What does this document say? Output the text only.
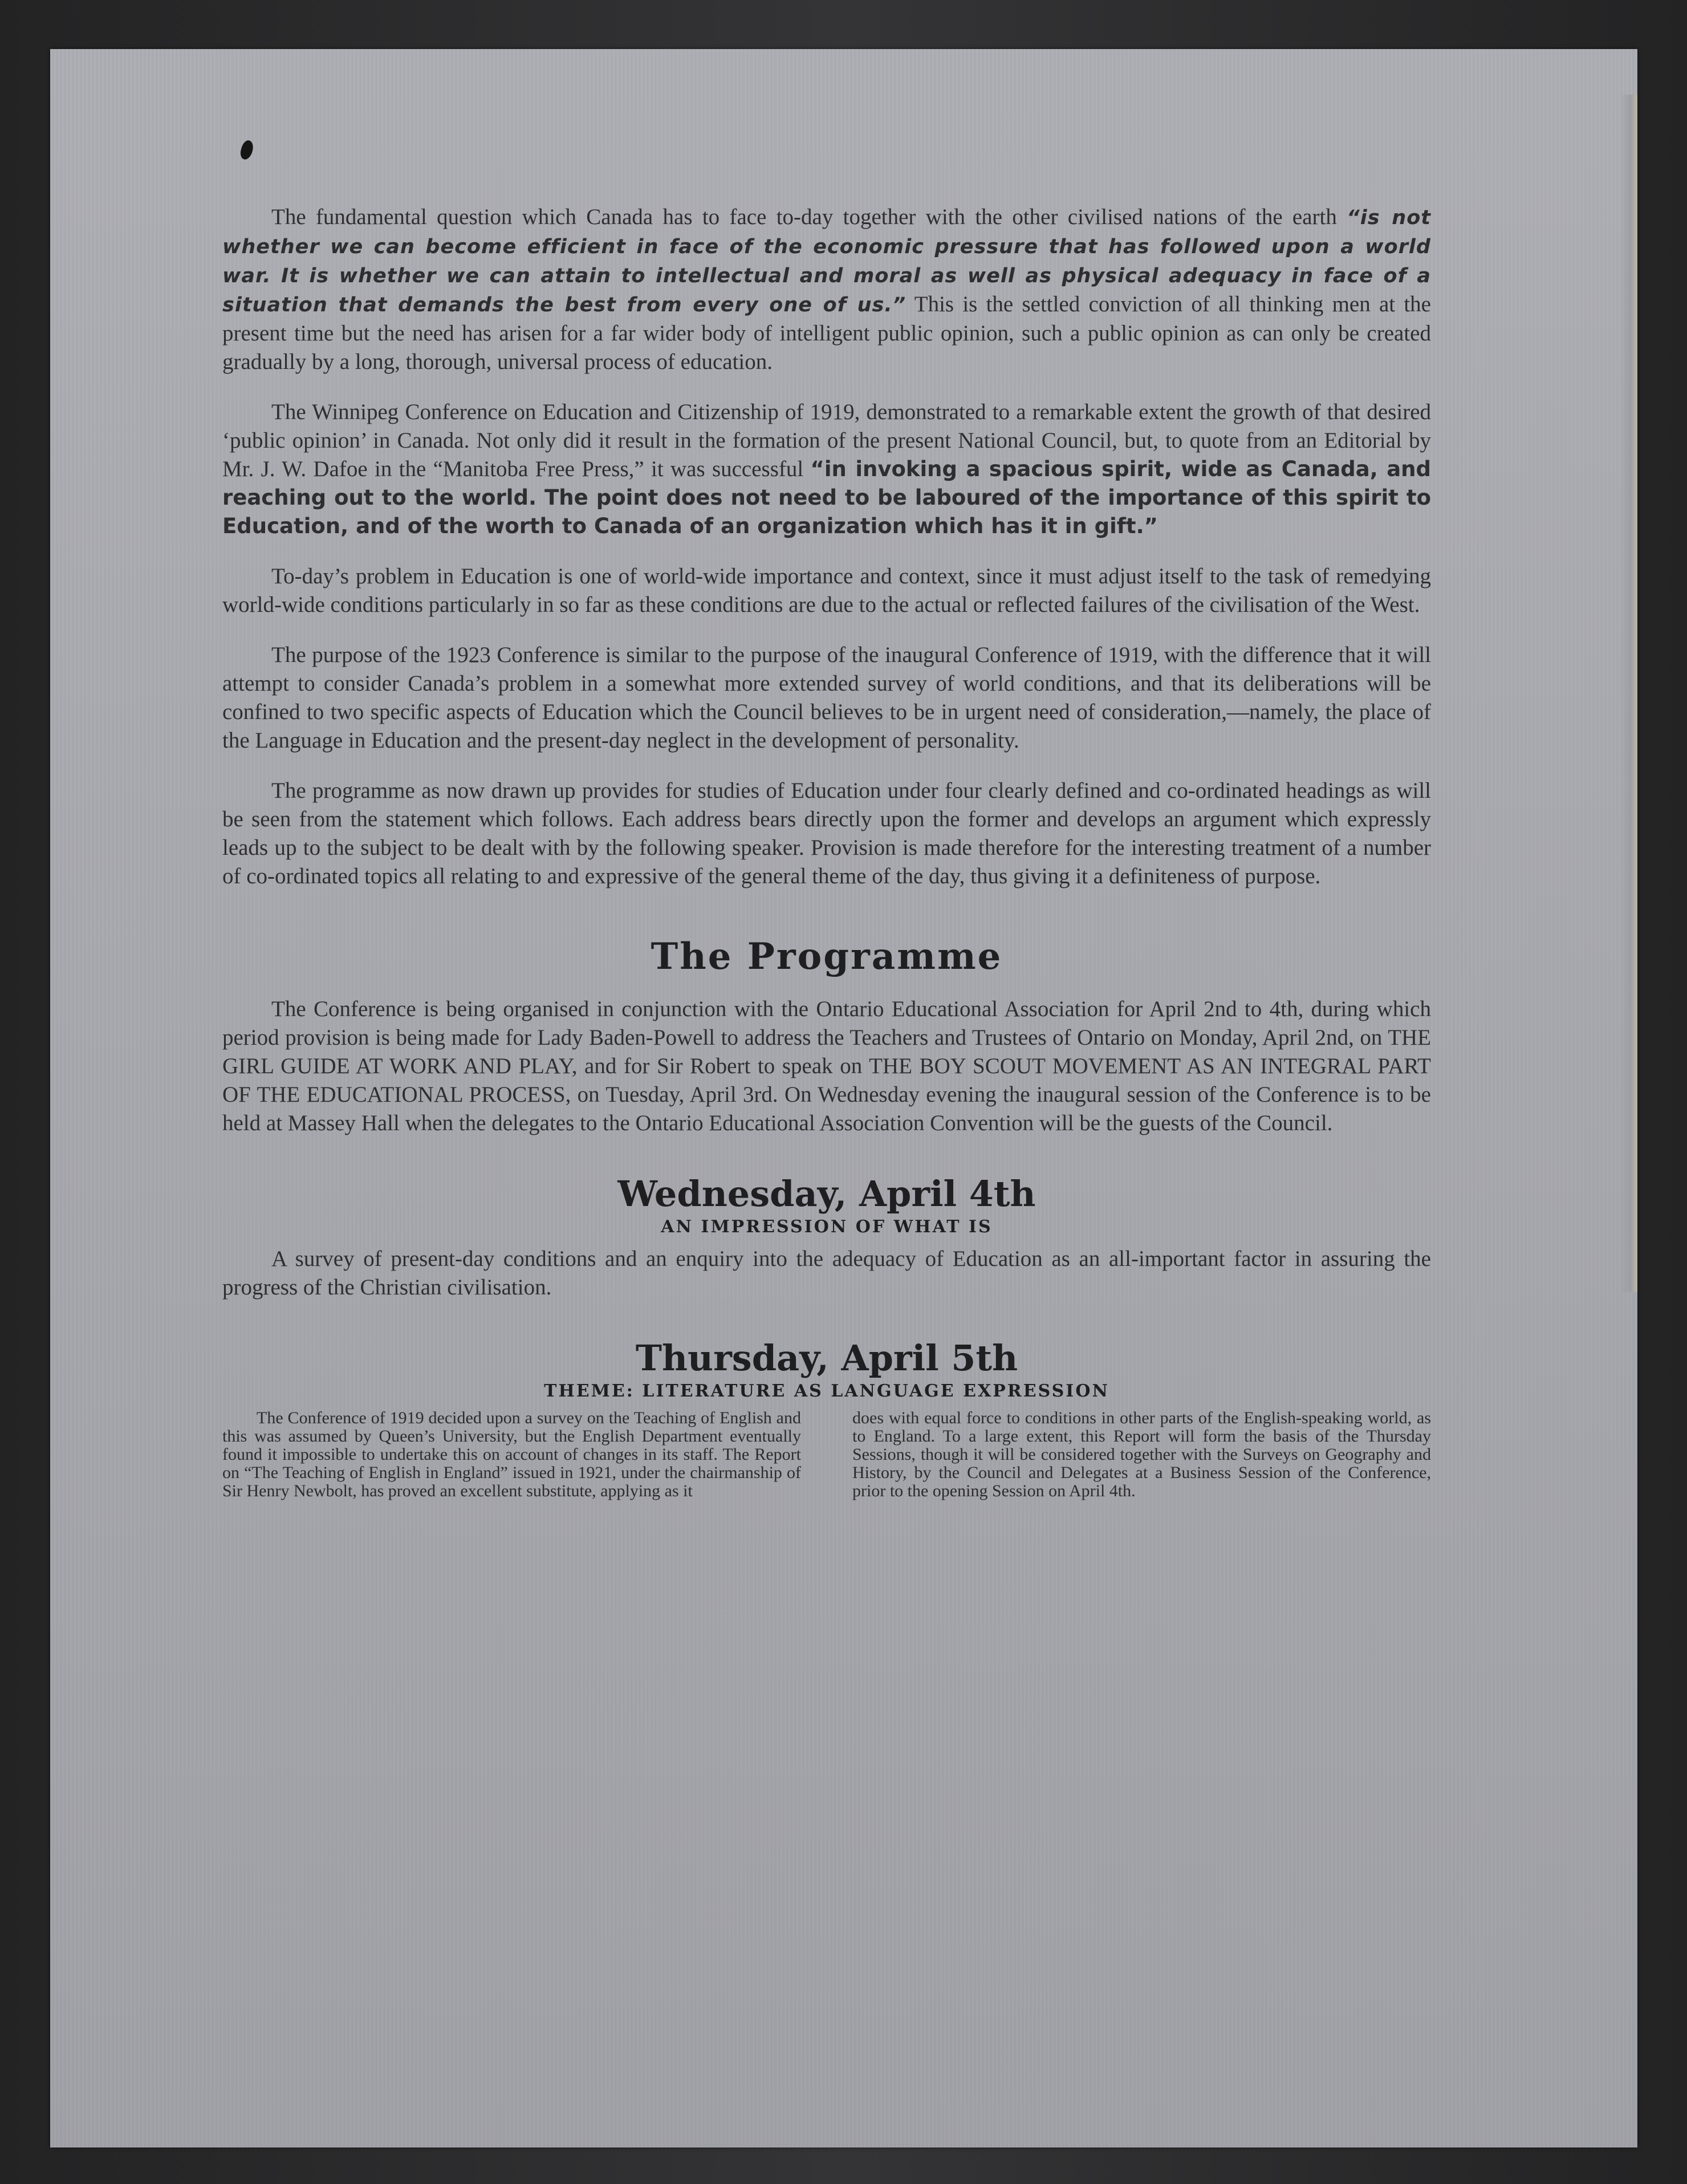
The fundamental question which Canada has to face to-day together with the other civilised nations of the earth “is not whether we can become efficient in face of the economic pressure that has followed upon a world war. It is whether we can attain to intellectual and moral as well as physical adequacy in face of a situation that demands the best from every one of us.” This is the settled conviction of all thinking men at the present time but the need has arisen for a far wider body of intelligent public opinion, such a public opinion as can only be created gradually by a long, thorough, universal process of education.

The Winnipeg Conference on Education and Citizenship of 1919, demonstrated to a remarkable extent the growth of that desired ‘public opinion’ in Canada. Not only did it result in the formation of the present National Council, but, to quote from an Editorial by Mr. J. W. Dafoe in the “Manitoba Free Press,” it was successful “in invoking a spacious spirit, wide as Canada, and reaching out to the world. The point does not need to be laboured of the importance of this spirit to Education, and of the worth to Canada of an organization which has it in gift.”

To-day’s problem in Education is one of world-wide importance and context, since it must adjust itself to the task of remedying world-wide conditions particularly in so far as these conditions are due to the actual or reflected failures of the civilisation of the West.

The purpose of the 1923 Conference is similar to the purpose of the inaugural Conference of 1919, with the difference that it will attempt to consider Canada’s problem in a somewhat more extended survey of world conditions, and that its deliberations will be confined to two specific aspects of Education which the Council believes to be in urgent need of consideration,—namely, the place of the Language in Education and the present-day neglect in the development of personality.

The programme as now drawn up provides for studies of Education under four clearly defined and co-ordinated headings as will be seen from the statement which follows. Each address bears directly upon the former and develops an argument which expressly leads up to the subject to be dealt with by the following speaker. Provision is made therefore for the interesting treatment of a number of co-ordinated topics all relating to and expressive of the general theme of the day, thus giving it a definiteness of purpose.

The Programme

The Conference is being organised in conjunction with the Ontario Educational Association for April 2nd to 4th, during which period provision is being made for Lady Baden-Powell to address the Teachers and Trustees of Ontario on Monday, April 2nd, on THE GIRL GUIDE AT WORK AND PLAY, and for Sir Robert to speak on THE BOY SCOUT MOVEMENT AS AN INTEGRAL PART OF THE EDUCATIONAL PROCESS, on Tuesday, April 3rd. On Wednesday evening the inaugural session of the Conference is to be held at Massey Hall when the delegates to the Ontario Educational Association Convention will be the guests of the Council.

Wednesday, April 4th
AN IMPRESSION OF WHAT IS

A survey of present-day conditions and an enquiry into the adequacy of Education as an all-important factor in assuring the progress of the Christian civilisation.

Thursday, April 5th
THEME: LITERATURE AS LANGUAGE EXPRESSION
The Conference of 1919 decided upon a survey on the Teaching of English and this was assumed by Queen’s University, but the English Department eventually found it impossible to undertake this on account of changes in its staff. The Report on “The Teaching of English in England” issued in 1921, under the chairmanship of Sir Henry Newbolt, has proved an excellent substitute, applying as it
does with equal force to conditions in other parts of the English-speaking world, as to England. To a large extent, this Report will form the basis of the Thursday Sessions, though it will be considered together with the Surveys on Geography and History, by the Council and Delegates at a Business Session of the Conference, prior to the opening Session on April 4th.
